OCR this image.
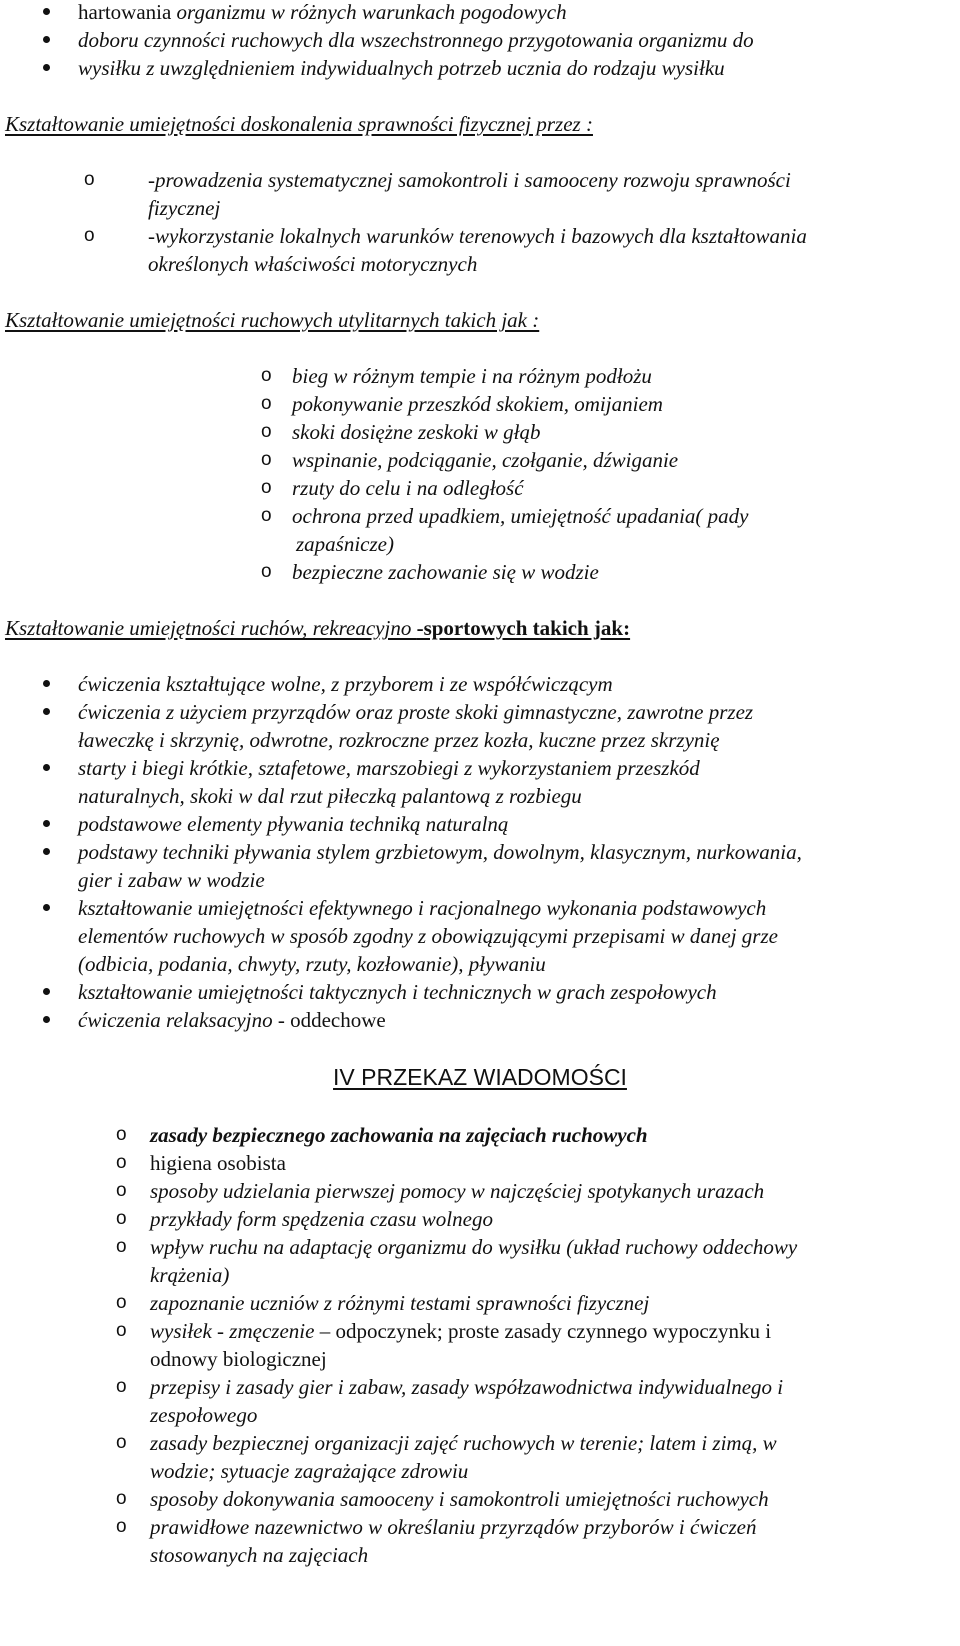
hartowania organizmu w różnych warunkach pogodowych
doboru czynności ruchowych dla wszechstronnego przygotowania organizmu do
wysiłku z uwzględnieniem indywidualnych potrzeb ucznia do rodzaju wysiłku
Kształtowanie umiejętności doskonalenia sprawności fizycznej przez :
o	-prowadzenia systematycznej samokontroli i samooceny rozwoju sprawności
fizycznej
o	-wykorzystanie lokalnych warunków terenowych i bazowych dla kształtowania
określonych właściwości motorycznych
Kształtowanie umiejętności ruchowych utylitarnych takich jak :
o bieg w różnym tempie i na różnym podłożu
o pokonywanie przeszkód skokiem, omijaniem
o skoki dosiężne zeskoki w głąb
o wspinanie, podciąganie, czołganie, dźwiganie
o rzuty do celu i na odległość
o ochrona przed upadkiem, umiejętność upadania( pady
zapaśnicze)
o bezpieczne zachowanie się w wodzie
Kształtowanie umiejętności ruchów, rekreacyjno -sportowych takich jak:
ćwiczenia kształtujące wolne, z przyborem i ze współćwiczącym
ćwiczenia z użyciem przyrządów oraz proste skoki gimnastyczne, zawrotne przez
ławeczkę i skrzynię, odwrotne, rozkroczne przez kozła, kuczne przez skrzynię
starty i biegi krótkie, sztafetowe, marszobiegi z wykorzystaniem przeszkód
naturalnych, skoki w dal rzut piłeczką palantową z rozbiegu
podstawowe elementy pływania techniką naturalną
podstawy techniki pływania stylem grzbietowym, dowolnym, klasycznym, nurkowania,
gier i zabaw w wodzie
kształtowanie umiejętności efektywnego i racjonalnego wykonania podstawowych
elementów ruchowych w sposób zgodny z obowiązującymi przepisami w danej grze
(odbicia, podania, chwyty, rzuty, kozłowanie), pływaniu
kształtowanie umiejętności taktycznych i technicznych w grach zespołowych
ćwiczenia relaksacyjno - oddechowe
IV PRZEKAZ WIADOMOŚCI
o zasady bezpiecznego zachowania na zajęciach ruchowych
o higiena osobista
o sposoby udzielania pierwszej pomocy w najczęściej spotykanych urazach
o przykłady form spędzenia czasu wolnego
o wpływ ruchu na adaptację organizmu do wysiłku (układ ruchowy oddechowy
krążenia)
o zapoznanie uczniów z różnymi testami sprawności fizycznej
o wysiłek - zmęczenie – odpoczynek; proste zasady czynnego wypoczynku i
odnowy biologicznej
o przepisy i zasady gier i zabaw, zasady współzawodnictwa indywidualnego i
zespołowego
o zasady bezpiecznej organizacji zajęć ruchowych w terenie; latem i zimą, w
wodzie; sytuacje zagrażające zdrowiu
o sposoby dokonywania samooceny i samokontroli umiejętności ruchowych
o prawidłowe nazewnictwo w określaniu przyrządów przyborów i ćwiczeń
stosowanych na zajęciach
